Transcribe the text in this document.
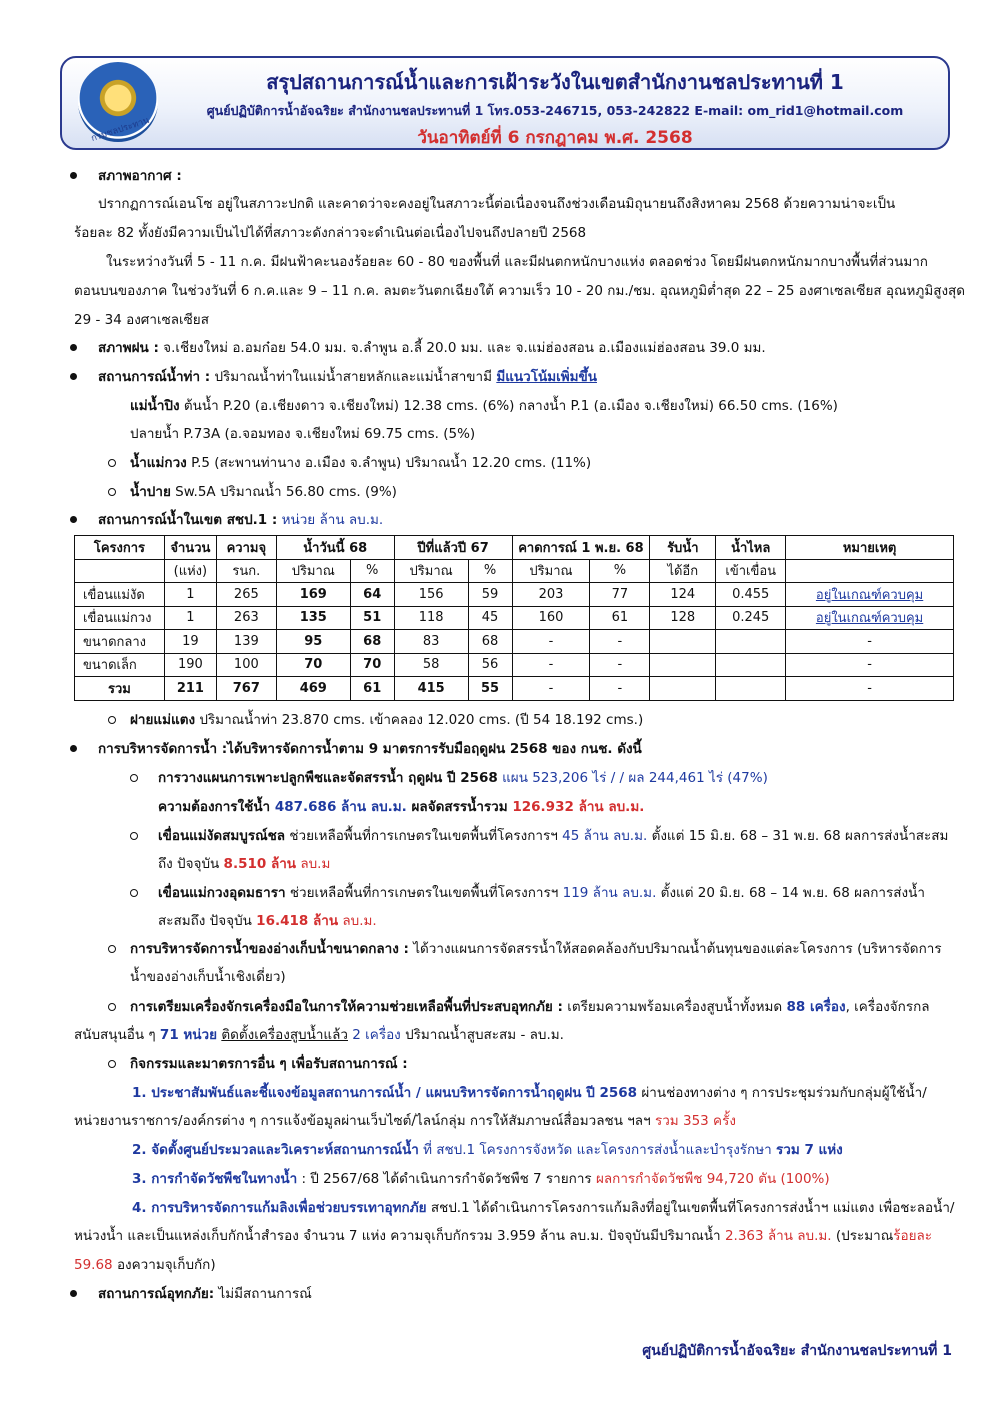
กรมชลประทาน
สรุปสถานการณ์น้ำและการเฝ้าระวังในเขตสำนักงานชลประทานที่ 1
ศูนย์ปฏิบัติการน้ำอัจฉริยะ สำนักงานชลประทานที่ 1 โทร.053-246715, 053-242822 E-mail: om_rid1@hotmail.com
วันอาทิตย์ที่ 6 กรกฎาคม พ.ศ. 2568
สภาพอากาศ :
ปรากฏการณ์เอนโซ อยู่ในสภาวะปกติ และคาดว่าจะคงอยู่ในสภาวะนี้ต่อเนื่องจนถึงช่วงเดือนมิถุนายนถึงสิงหาคม 2568 ด้วยความน่าจะเป็น
ร้อยละ 82 ทั้งยังมีความเป็นไปได้ที่สภาวะดังกล่าวจะดำเนินต่อเนื่องไปจนถึงปลายปี 2568
ในระหว่างวันที่ 5 - 11 ก.ค. มีฝนฟ้าคะนองร้อยละ 60 - 80 ของพื้นที่ และมีฝนตกหนักบางแห่ง ตลอดช่วง โดยมีฝนตกหนักมากบางพื้นที่ส่วนมาก
ตอนบนของภาค ในช่วงวันที่ 6 ก.ค.และ 9 – 11 ก.ค. ลมตะวันตกเฉียงใต้ ความเร็ว 10 - 20 กม./ชม. อุณหภูมิต่ำสุด 22 – 25 องศาเซลเซียส อุณหภูมิสูงสุด
29 - 34 องศาเซลเซียส
สภาพฝน : จ.เชียงใหม่ อ.อมก๋อย 54.0 มม. จ.ลำพูน อ.ลี้ 20.0 มม. และ จ.แม่ฮ่องสอน อ.เมืองแม่ฮ่องสอน 39.0 มม.
สถานการณ์น้ำท่า : ปริมาณน้ำท่าในแม่น้ำสายหลักและแม่น้ำสาขามี มีแนวโน้มเพิ่มขึ้น
แม่น้ำปิง ต้นน้ำ P.20 (อ.เชียงดาว จ.เชียงใหม่) 12.38 cms. (6%) กลางน้ำ P.1 (อ.เมือง จ.เชียงใหม่) 66.50 cms. (16%)
ปลายน้ำ P.73A (อ.จอมทอง จ.เชียงใหม่ 69.75 cms. (5%)
น้ำแม่กวง P.5 (สะพานท่านาง อ.เมือง จ.ลำพูน) ปริมาณน้ำ 12.20 cms. (11%)
น้ำปาย Sw.5A ปริมาณน้ำ 56.80 cms. (9%)
สถานการณ์น้ำในเขต สชป.1 : หน่วย ล้าน ลบ.ม.
โครงการ	จำนวน	ความจุ	น้ำวันนี้ 68		ปีที่แล้วปี 67		คาดการณ์ 1 พ.ย. 68		รับน้ำ	น้ำไหล	หมายเหตุ
	(แห่ง)	รนก.	ปริมาณ	%	ปริมาณ	%	ปริมาณ	%	ได้อีก	เข้าเขื่อน	
เขื่อนแม่งัด	1	265	169	64	156	59	203	77	124	0.455	อยู่ในเกณฑ์ควบคุม
เขื่อนแม่กวง	1	263	135	51	118	45	160	61	128	0.245	อยู่ในเกณฑ์ควบคุม
ขนาดกลาง	19	139	95	68	83	68	-	-			-
ขนาดเล็ก	190	100	70	70	58	56	-	-			-
รวม	211	767	469	61	415	55	-	-			-
ฝายแม่แตง ปริมาณน้ำท่า 23.870 cms. เข้าคลอง 12.020 cms. (ปี 54 18.192 cms.)
การบริหารจัดการน้ำ :ได้บริหารจัดการน้ำตาม 9 มาตรการรับมือฤดูฝน 2568 ของ กนช. ดังนี้
การวางแผนการเพาะปลูกพืชและจัดสรรน้ำ ฤดูฝน ปี 2568 แผน 523,206 ไร่ / / ผล 244,461 ไร่ (47%)
ความต้องการใช้น้ำ 487.686 ล้าน ลบ.ม. ผลจัดสรรน้ำรวม 126.932 ล้าน ลบ.ม.
เขื่อนแม่งัดสมบูรณ์ชล ช่วยเหลือพื้นที่การเกษตรในเขตพื้นที่โครงการฯ 45 ล้าน ลบ.ม. ตั้งแต่ 15 มิ.ย. 68 – 31 พ.ย. 68 ผลการส่งน้ำสะสม
ถึง ปัจจุบัน 8.510 ล้าน ลบ.ม
เขื่อนแม่กวงอุดมธารา ช่วยเหลือพื้นที่การเกษตรในเขตพื้นที่โครงการฯ 119 ล้าน ลบ.ม. ตั้งแต่ 20 มิ.ย. 68 – 14 พ.ย. 68 ผลการส่งน้ำ
สะสมถึง ปัจจุบัน 16.418 ล้าน ลบ.ม.
การบริหารจัดการน้ำของอ่างเก็บน้ำขนาดกลาง : ได้วางแผนการจัดสรรน้ำให้สอดคล้องกับปริมาณน้ำต้นทุนของแต่ละโครงการ (บริหารจัดการ
น้ำของอ่างเก็บน้ำเชิงเดี่ยว)
การเตรียมเครื่องจักรเครื่องมือในการให้ความช่วยเหลือพื้นที่ประสบอุทกภัย : เตรียมความพร้อมเครื่องสูบน้ำทั้งหมด 88 เครื่อง, เครื่องจักรกล
สนับสนุนอื่น ๆ 71 หน่วย ติดตั้งเครื่องสูบน้ำแล้ว 2 เครื่อง ปริมาณน้ำสูบสะสม - ลบ.ม.
กิจกรรมและมาตรการอื่น ๆ เพื่อรับสถานการณ์ :
1. ประชาสัมพันธ์และชี้แจงข้อมูลสถานการณ์น้ำ / แผนบริหารจัดการน้ำฤดูฝน ปี 2568 ผ่านช่องทางต่าง ๆ การประชุมร่วมกับกลุ่มผู้ใช้น้ำ/
หน่วยงานราชการ/องค์กรต่าง ๆ การแจ้งข้อมูลผ่านเว็บไซต์/ไลน์กลุ่ม การให้สัมภาษณ์สื่อมวลชน ฯลฯ รวม 353 ครั้ง
2. จัดตั้งศูนย์ประมวลและวิเคราะห์สถานการณ์น้ำ ที่ สชป.1 โครงการจังหวัด และโครงการส่งน้ำและบำรุงรักษา รวม 7 แห่ง
3. การกำจัดวัชพืชในทางน้ำ : ปี 2567/68 ได้ดำเนินการกำจัดวัชพืช 7 รายการ ผลการกำจัดวัชพืช 94,720 ตัน (100%)
4. การบริหารจัดการแก้มลิงเพื่อช่วยบรรเทาอุทกภัย สชป.1 ได้ดำเนินการโครงการแก้มลิงที่อยู่ในเขตพื้นที่โครงการส่งน้ำฯ แม่แตง เพื่อชะลอน้ำ/
หน่วงน้ำ และเป็นแหล่งเก็บกักน้ำสำรอง จำนวน 7 แห่ง ความจุเก็บกักรวม 3.959 ล้าน ลบ.ม. ปัจจุบันมีปริมาณน้ำ 2.363 ล้าน ลบ.ม. (ประมาณร้อยละ
59.68 องความจุเก็บกัก)
สถานการณ์อุทกภัย: ไม่มีสถานการณ์
ศูนย์ปฏิบัติการน้ำอัจฉริยะ สำนักงานชลประทานที่ 1
